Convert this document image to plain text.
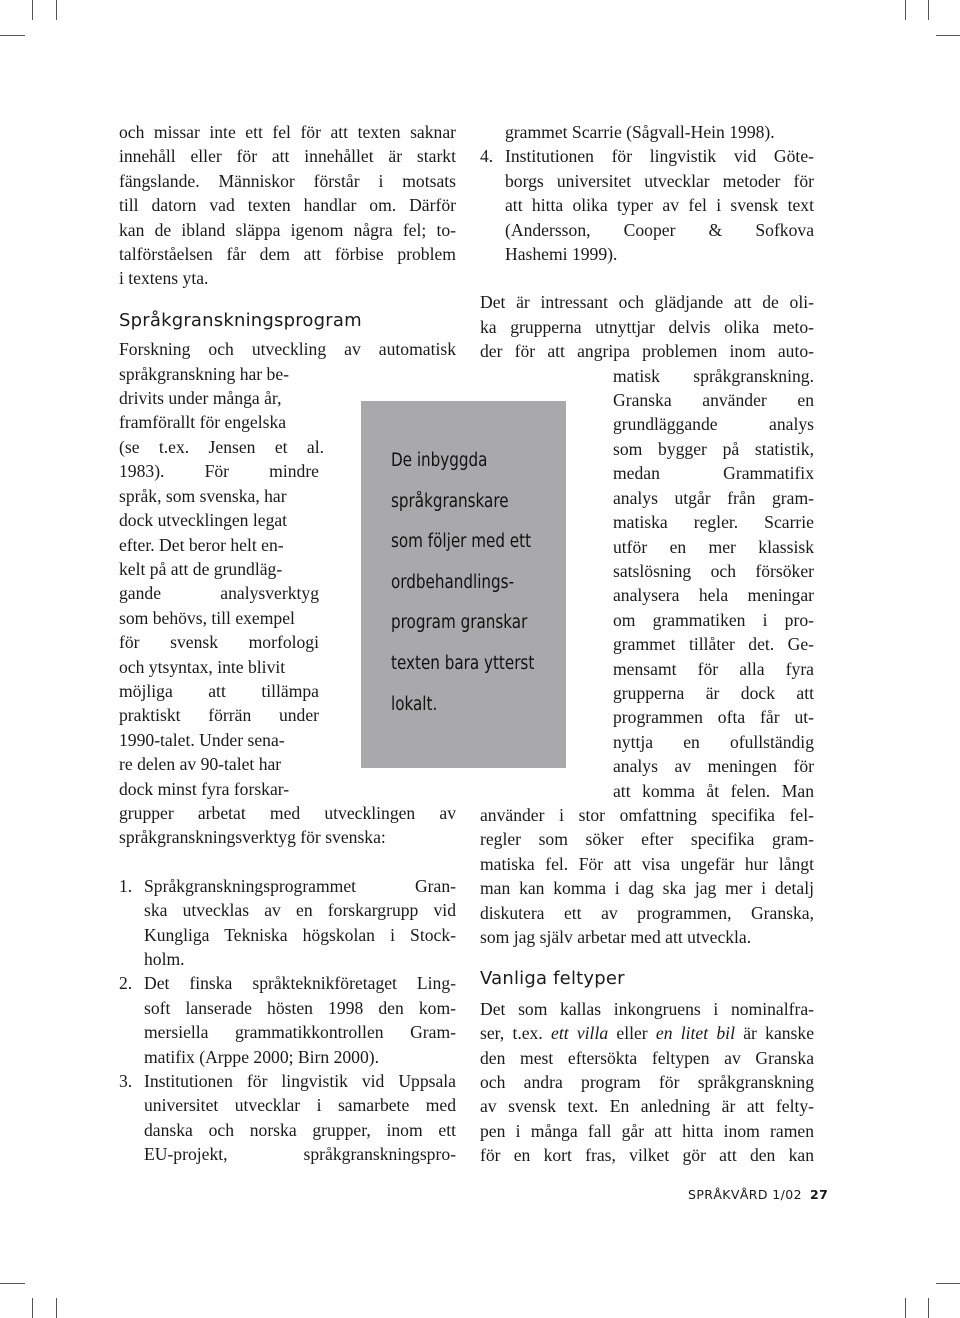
och missar inte ett fel för att texten saknar
innehåll eller för att innehållet är starkt
fängslande. Människor förstår i motsats
till datorn vad texten handlar om. Därför
kan de ibland släppa igenom några fel; to-
talförståelsen får dem att förbise problem
i textens yta.

Språkgranskningsprogram

Forskning och utveckling av automatisk
språkgranskning har be-
drivits under många år,
framförallt för engelska
(se t.ex. Jensen et al.
1983). För mindre
språk, som svenska, har
dock utvecklingen legat
efter. Det beror helt en-
kelt på att de grundläg-
gande analysverktyg
som behövs, till exempel
för svensk morfologi
och ytsyntax, inte blivit
möjliga att tillämpa
praktiskt förrän under
1990-talet. Under sena-
re delen av 90-talet har
dock minst fyra forskar-
grupper arbetat med utvecklingen av
språkgranskningsverktyg för svenska:

1. Språkgranskningsprogrammet Gran-
ska utvecklas av en forskargrupp vid
Kungliga Tekniska högskolan i Stock-
holm.
2. Det finska språkteknikföretaget Ling-
soft lanserade hösten 1998 den kom-
mersiella grammatikkontrollen Gram-
matifix (Arppe 2000; Birn 2000).
3. Institutionen för lingvistik vid Uppsala
universitet utvecklar i samarbete med
danska och norska grupper, inom ett
EU-projekt, språkgranskningspro-
De inbyggda
språkgranskare
som följer med ett
ordbehandlings-
program granskar
texten bara ytterst
lokalt.
grammet Scarrie (Sågvall-Hein 1998).
4. Institutionen för lingvistik vid Göte-
borgs universitet utvecklar metoder för
att hitta olika typer av fel i svensk text
(Andersson, Cooper & Sofkova
Hashemi 1999).

Det är intressant och glädjande att de oli-
ka grupperna utnyttjar delvis olika meto-
der för att angripa problemen inom auto-

matisk språkgranskning.
Granska använder en
grundläggande analys
som bygger på statistik,
medan Grammatifix
analys utgår från gram-
matiska regler. Scarrie
utför en mer klassisk
satslösning och försöker
analysera hela meningar
om grammatiken i pro-
grammet tillåter det. Ge-
mensamt för alla fyra
grupperna är dock att
programmen ofta får ut-
nyttja en ofullständig
analys av meningen för
att komma åt felen. Man
använder i stor omfattning specifika fel-
regler som söker efter specifika gram-
matiska fel. För att visa ungefär hur långt
man kan komma i dag ska jag mer i detalj
diskutera ett av programmen, Granska,
som jag själv arbetar med att utveckla.
Vanliga feltyper

Det som kallas inkongruens i nominalfra-
ser, t.ex. ett villa eller en litet bil är kanske
den mest eftersökta feltypen av Granska
och andra program för språkgranskning
av svensk text. En anledning är att felty-
pen i många fall går att hitta inom ramen
för en kort fras, vilket gör att den kan

SPRÅKVÅRD 1/02 27
